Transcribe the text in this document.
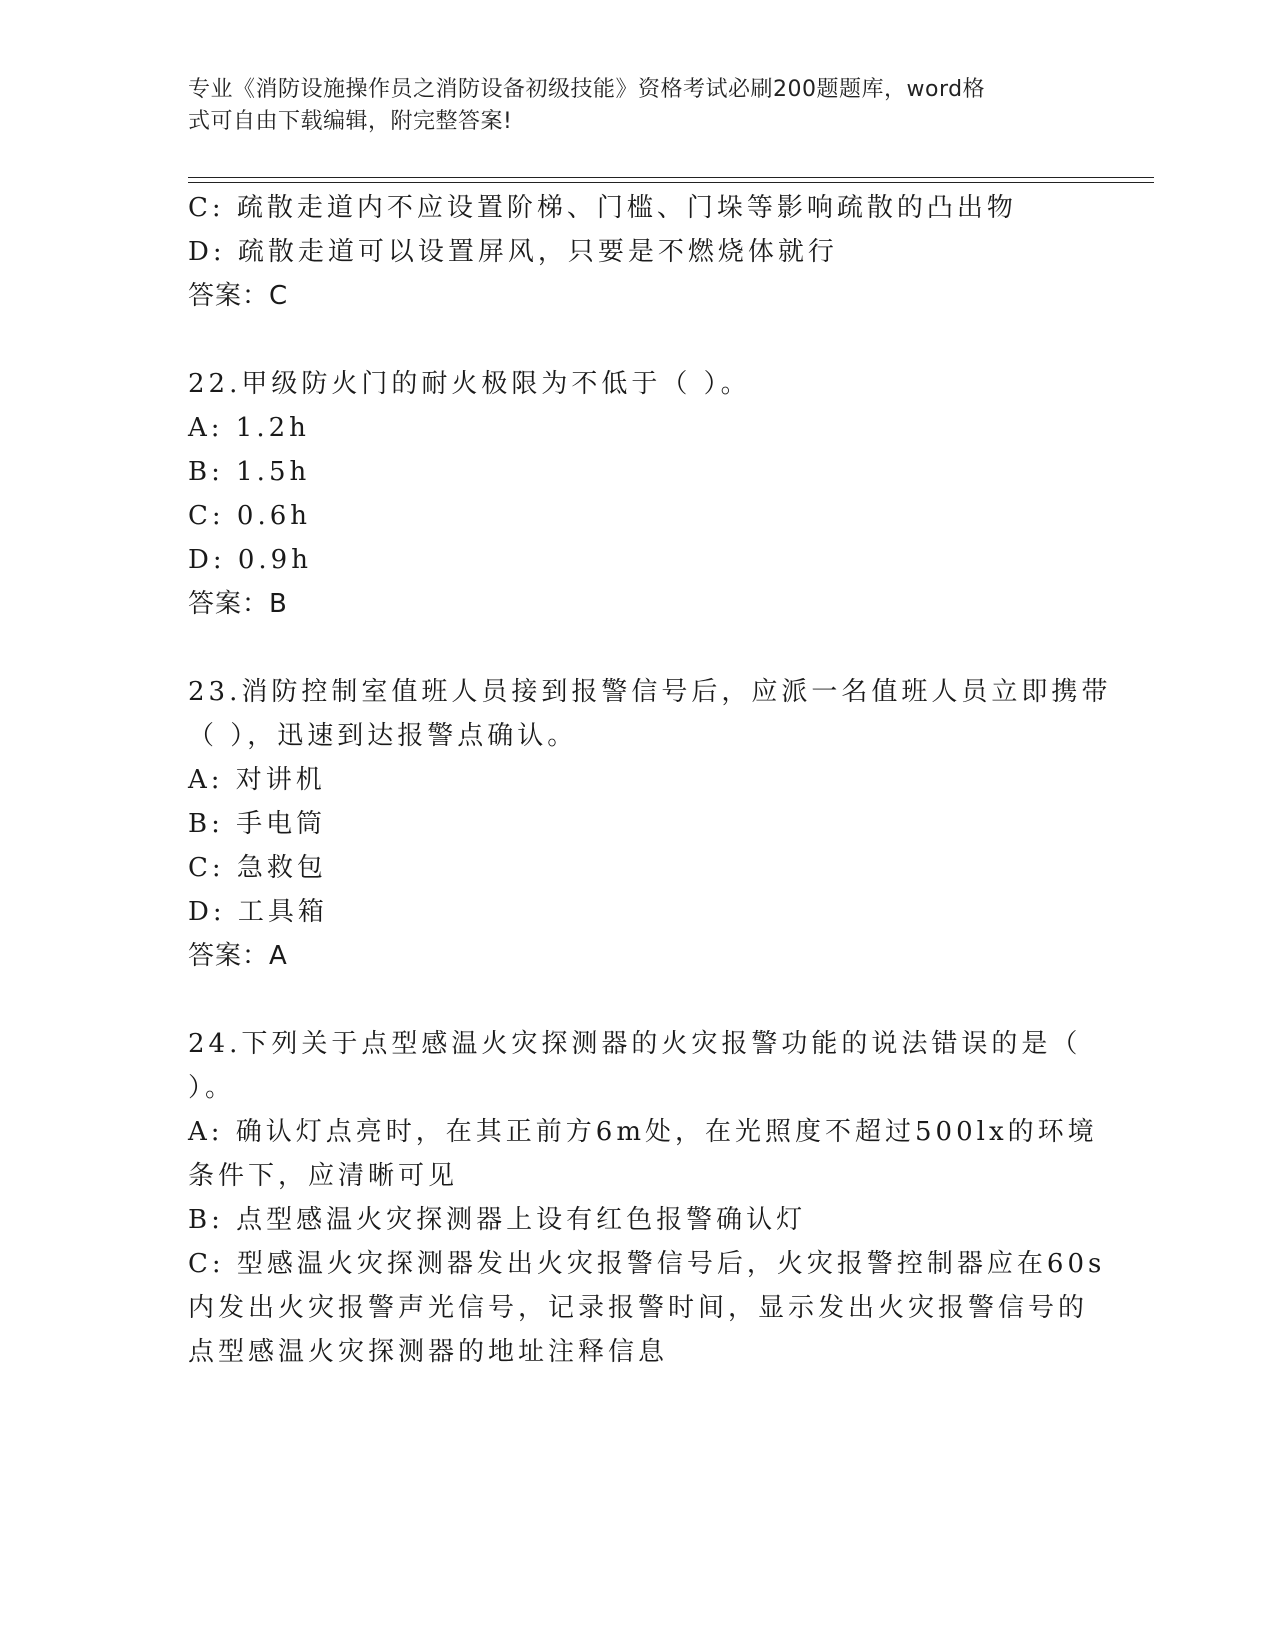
专业《消防设施操作员之消防设备初级技能》资格考试必刷200题题库，word格
式可自由下载编辑，附完整答案!
C: 疏散走道内不应设置阶梯、门槛、门垛等影响疏散的凸出物
D: 疏散走道可以设置屏风，只要是不燃烧体就行
答案：C
22.甲级防火门的耐火极限为不低于（ ）。
A: 1.2h
B: 1.5h
C: 0.6h
D: 0.9h
答案：B
23.消防控制室值班人员接到报警信号后，应派一名值班人员立即携带
（ ），迅速到达报警点确认。
A: 对讲机
B: 手电筒
C: 急救包
D: 工具箱
答案：A
24.下列关于点型感温火灾探测器的火灾报警功能的说法错误的是（
）。
A: 确认灯点亮时，在其正前方6m处，在光照度不超过500lx的环境
条件下，应清晰可见
B: 点型感温火灾探测器上设有红色报警确认灯
C: 型感温火灾探测器发出火灾报警信号后，火灾报警控制器应在60s
内发出火灾报警声光信号，记录报警时间，显示发出火灾报警信号的
点型感温火灾探测器的地址注释信息
